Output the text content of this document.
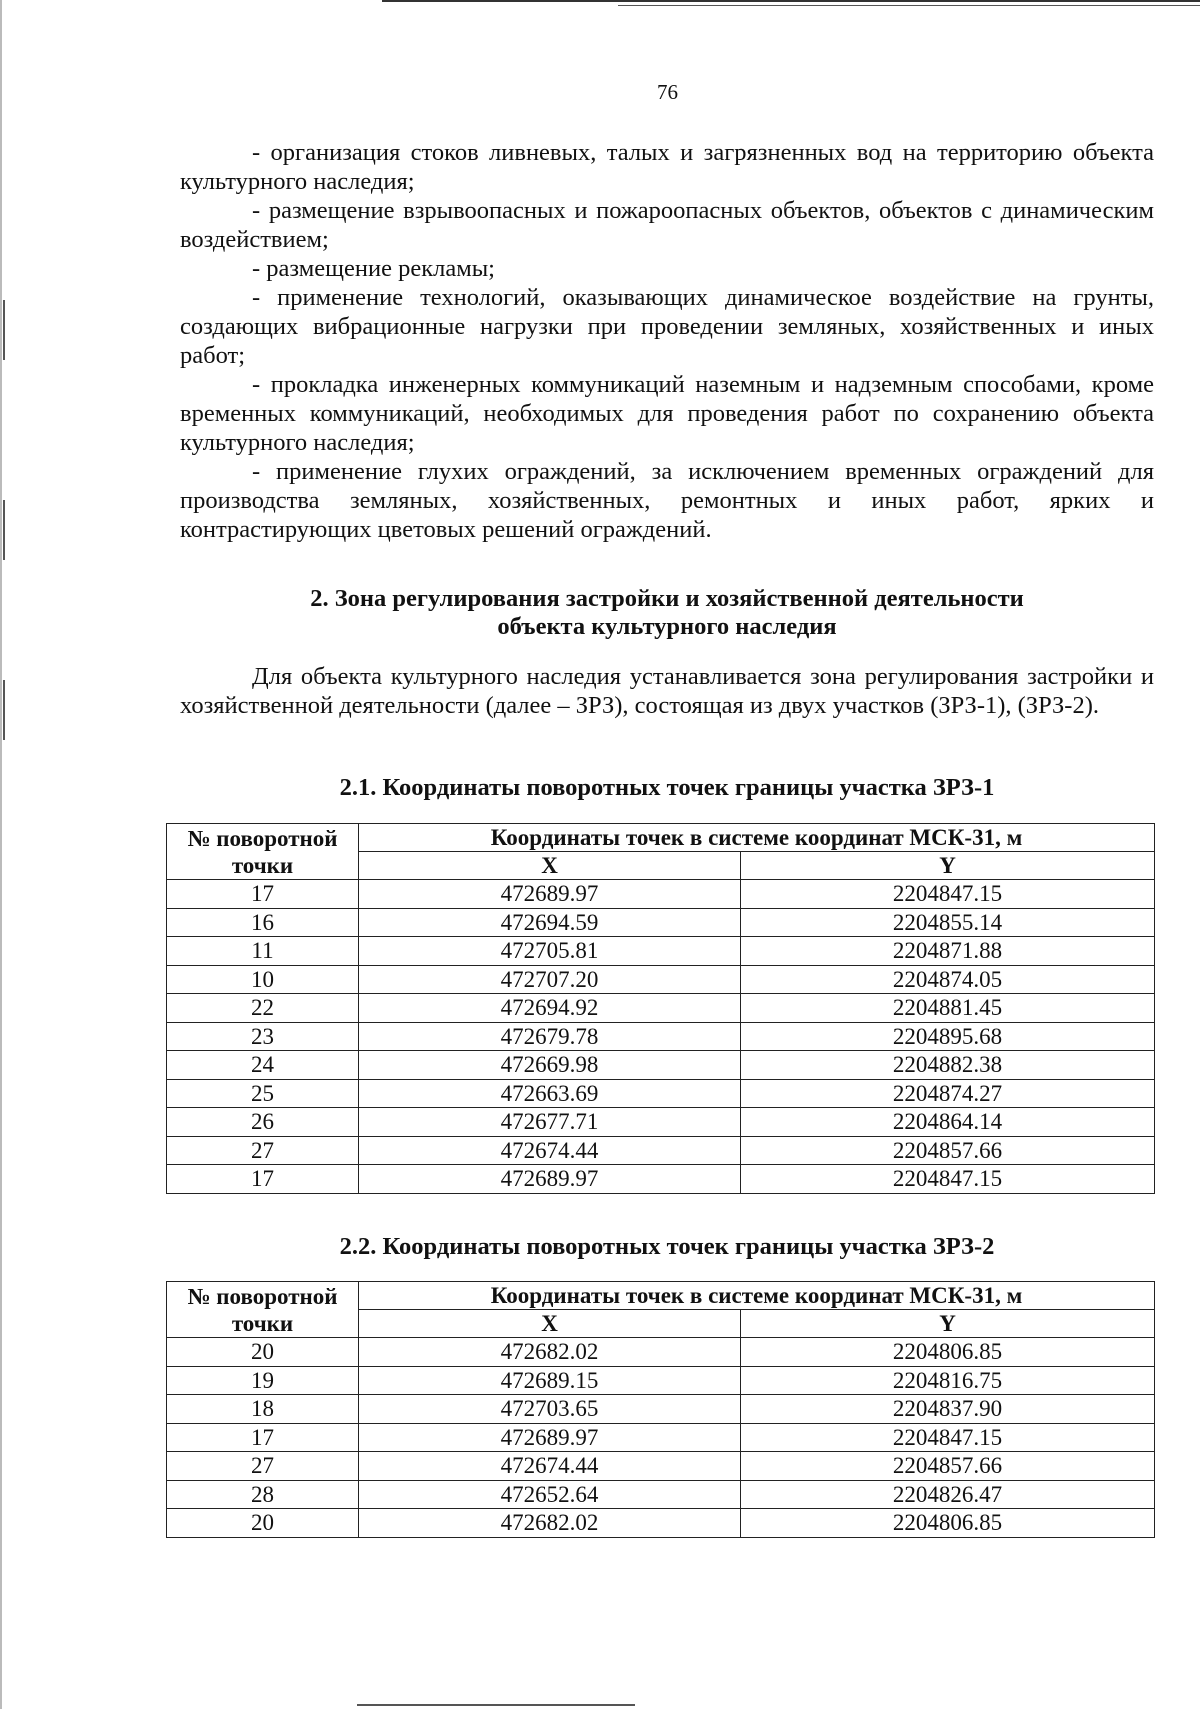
76

- организация стоков ливневых, талых и загрязненных вод на территорию объекта культурного наследия;

- размещение взрывоопасных и пожароопасных объектов, объектов с динамическим воздействием;

- размещение рекламы;

- применение технологий, оказывающих динамическое воздействие на грунты, создающих вибрационные нагрузки при проведении земляных, хозяйственных и иных работ;

- прокладка инженерных коммуникаций наземным и надземным способами, кроме временных коммуникаций, необходимых для проведения работ по сохранению объекта культурного наследия;

- применение глухих ограждений, за исключением временных ограждений для производства земляных, хозяйственных, ремонтных и иных работ, ярких и контрастирующих цветовых решений ограждений.

2. Зона регулирования застройки и хозяйственной деятельности
объекта культурного наследия

Для объекта культурного наследия устанавливается зона регулирования застройки и хозяйственной деятельности (далее – ЗРЗ), состоящая из двух участков (ЗРЗ-1), (ЗРЗ-2).

2.1. Координаты поворотных точек границы участка ЗРЗ-1
№ поворотной точки	Координаты точек в системе координат МСК-31, м	
	X	Y
17	472689.97	2204847.15
16	472694.59	2204855.14
11	472705.81	2204871.88
10	472707.20	2204874.05
22	472694.92	2204881.45
23	472679.78	2204895.68
24	472669.98	2204882.38
25	472663.69	2204874.27
26	472677.71	2204864.14
27	472674.44	2204857.66
17	472689.97	2204847.15
2.2. Координаты поворотных точек границы участка ЗРЗ-2
№ поворотной точки	Координаты точек в системе координат МСК-31, м	
	X	Y
20	472682.02	2204806.85
19	472689.15	2204816.75
18	472703.65	2204837.90
17	472689.97	2204847.15
27	472674.44	2204857.66
28	472652.64	2204826.47
20	472682.02	2204806.85
